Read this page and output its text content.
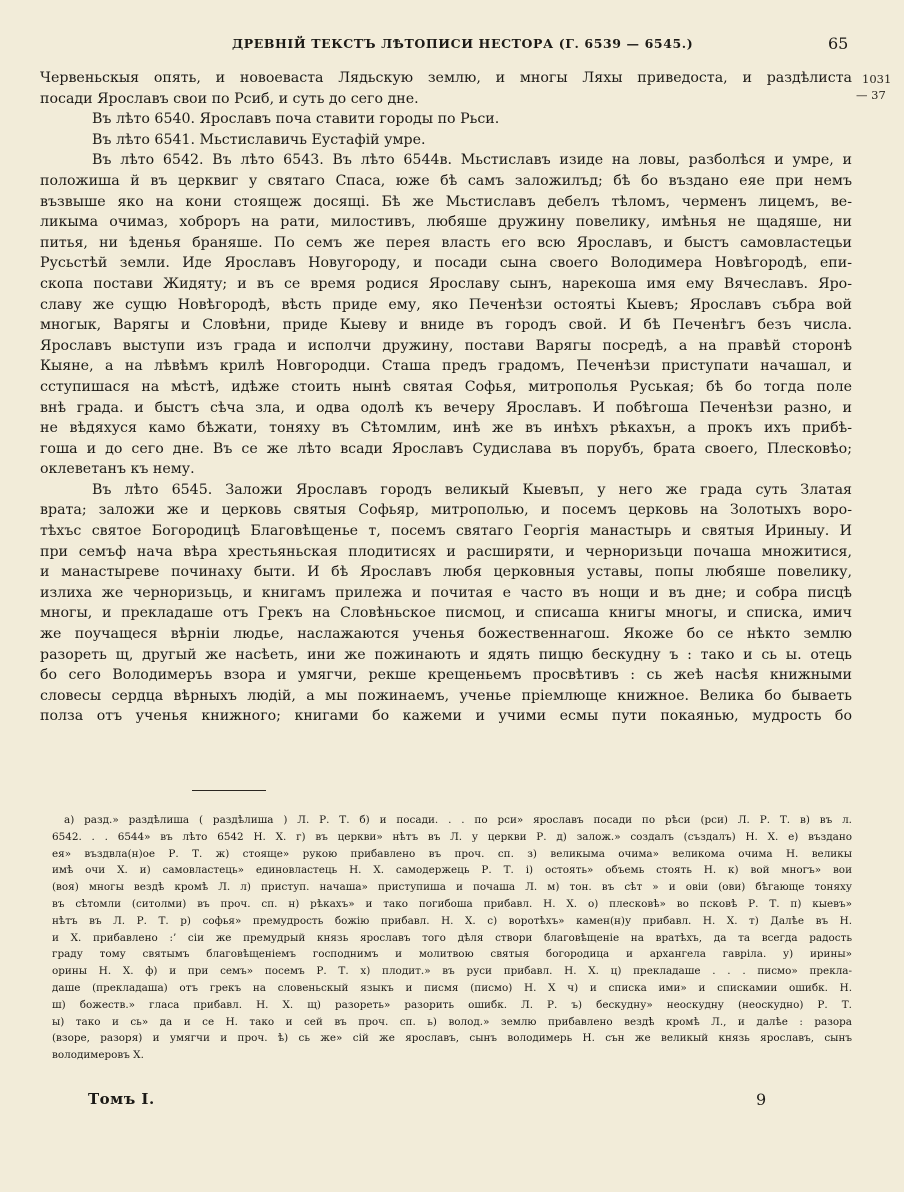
ДРЕВНІЙ ТЕКСТЪ ЛѢТОПИСИ НЕСТОРА (Г. 6539 — 6545.)	65
1031
— 37
Червеньскыя опять, и новоеваста Лядьскую землю, и многы Ляхы приведоста, и раздѣлиста
посади Ярославъ свои по Рсиб, и суть до сего дне.
Въ лѣто 6540. Ярославъ поча ставити городы по Рьси.
Въ лѣто 6541. Мьстиславичь Еустафій умре.
Въ лѣто 6542. Въ лѣто 6543. Въ лѣто 6544в. Мьстиславъ изиде на ловы, разболѣся и умре, и
положиша й въ церквиг у святаго Спаса, юже бѣ самъ заложилъд; бѣ бо въздано еяе при немъ
възвыше яко на кони стоящеж досящі. Бѣ же Мьстиславъ дебелъ тѣломъ, черменъ лицемъ, ве-
ликыма очимаз, хоброръ на рати, милостивъ, любяше дружину повелику, имѣнья не щадяше, ни
питья, ни ѣденья браняше. По семъ же перея власть его всю Ярославъ, и быстъ самовластецьи
Русьстѣй земли. Иде Ярославъ Новугороду, и посади сына своего Володимера Новѣгородѣ, епи-
скопа постави Жидяту; и въ се время родися Ярославу сынъ, нарекоша имя ему Вячеславъ. Яро-
славу же сущю Новѣгородѣ, вѣсть приде ему, яко Печенѣзи остоятьі Кыевъ; Ярославъ събра вой
многык, Варягы и Словѣни, приде Кыеву и вниде въ городъ свой. И бѣ Печенѣгъ безъ числа.
Ярославъ выступи изъ града и исполчи дружину, постави Варягы посредѣ, а на правѣй сторонѣ
Кыяне, а на лѣвѣмъ крилѣ Новгородци. Сташа предъ градомъ, Печенѣзи приступати начашал, и
сступишася на мѣстѣ, идѣже стоить нынѣ святая Софья, митрополья Руськая; бѣ бо тогда поле
внѣ града. и быстъ сѣча зла, и одва одолѣ къ вечеру Ярославъ. И побѣгоша Печенѣзи разно, и
не вѣдяхуся камо бѣжати, тоняху въ Сѣтомлим, инѣ же въ инѣхъ рѣкахън, а прокъ ихъ прибѣ-
гоша и до сего дне. Въ се же лѣто всади Ярославъ Судислава въ порубъ, брата своего, Плесковѣо;
оклеветанъ къ нему.
Въ лѣто 6545. Заложи Ярославъ городъ великый Кыевъп, у него же града суть Златая
врата; заложи же и церковь святыя Софьяр, митрополью, и посемъ церковь на Золотыхъ воро-
тѣхъс святое Богородицѣ Благовѣщенье т, посемъ святаго Георгія манастырь и святыя Ириныу. И
при семъф нача вѣра хрестьяньская плодитисях и расширяти, и черноризьци почаша множитися,
и манастыреве починаху быти. И бѣ Ярославъ любя церковныя уставы, попы любяше повелику,
излиха же черноризьць, и книгамъ прилежа и почитая е часто въ нощи и въ дне; и собра писцѣ
многы, и прекладаше отъ Грекъ на Словѣньское писмоц, и списаша книгы многы, и списка, имич
же поучащеся вѣрніи людье, наслажаются ученья божественнагош. Якоже бо се нѣкто землю
разореть щ, другый же насѣеть, ини же пожинають и ядять пищю бескудну ъ : тако и сь ы. отець
бо сего Володимеръь взора и умягчи, рекше крещеньемъ просвѣтивъ : сь жеѣ насѣя книжными
словесы сердца вѣрныхъ людій, а мы пожинаемъ, ученье пріемлюще книжное. Велика бо бываеть
полза отъ ученья книжного; книгами бо кажеми и учими есмы пути покаянью, мудрость бо
а) разд.» раздѣлиша ( раздѣлиша ) Л. Р. Т. б) и посади. . . по рси» ярославъ посади по рѣси (рси) Л. Р. Т. в) въ л.
6542. . . 6544» въ лѣто 6542 Н. Х. г) въ церкви» нѣтъ въ Л. у церкви Р. д) залож.» создалъ (създалъ) Н. Х. е) въздано
ея» въздвла(н)ое Р. Т. ж) стояще» рукою прибавлено въ проч. сп. з) великыма очима» великома очима Н. великы
имѣ очи Х. и) самовластець» единовластець Н. Х. самодержець Р. Т. і) остоять» объемь стоять Н. к) вой многъ» вои
(воя) многы вездѣ кромѣ Л. л) приступ. начаша» приступиша и почаша Л. м) тон. въ сѣт » и овіи (ови) бѣгающе тоняху
въ сѣтомли (ситолми) въ проч. сп. н) рѣкахъ» и тако погибоша прибавл. Н. Х. о) плесковѣ» во псковѣ Р. Т. п) кыевъ»
нѣтъ въ Л. Р. Т. р) софья» премудрость божію прибавл. Н. Х. с) воротѣхъ» камен(н)у прибавл. Н. Х. т) Далѣе въ Н.
и Х. прибавлено :’ сіи же премудрый князь ярославъ того дѣля створи благовѣщеніе на вратѣхъ, да та всегда радость
граду тому святымъ благовѣщеніемъ господнимъ и молитвою святыя богородица и архангела гавріла. у) ирины»
орины Н. Х. ф) и при семъ» посемъ Р. Т. х) плодит.» въ руси прибавл. Н. Х. ц) прекладаше . . . писмо» прекла-
даше (прекладаша) отъ грекъ на словеньскый языкъ и писмя (писмо) Н. Х ч) и списка ими» и спискамии ошибк. Н.
ш) божеств.» гласа прибавл. Н. Х. щ) разореть» разорить ошибк. Л. Р. ъ) бескудну» неоскудну (неоскудно) Р. Т.
ы) тако и сь» да и се Н. тако и сей въ проч. сп. ь) волод.» землю прибавлено вездѣ кромѣ Л., и далѣе : разора
(взоре, разоря) и умягчи и проч. ѣ) сь же» сій же ярославъ, сынъ володимерь Н. сън же великый князь ярославъ, сынъ
володимеровъ Х.
Томъ I.	9
